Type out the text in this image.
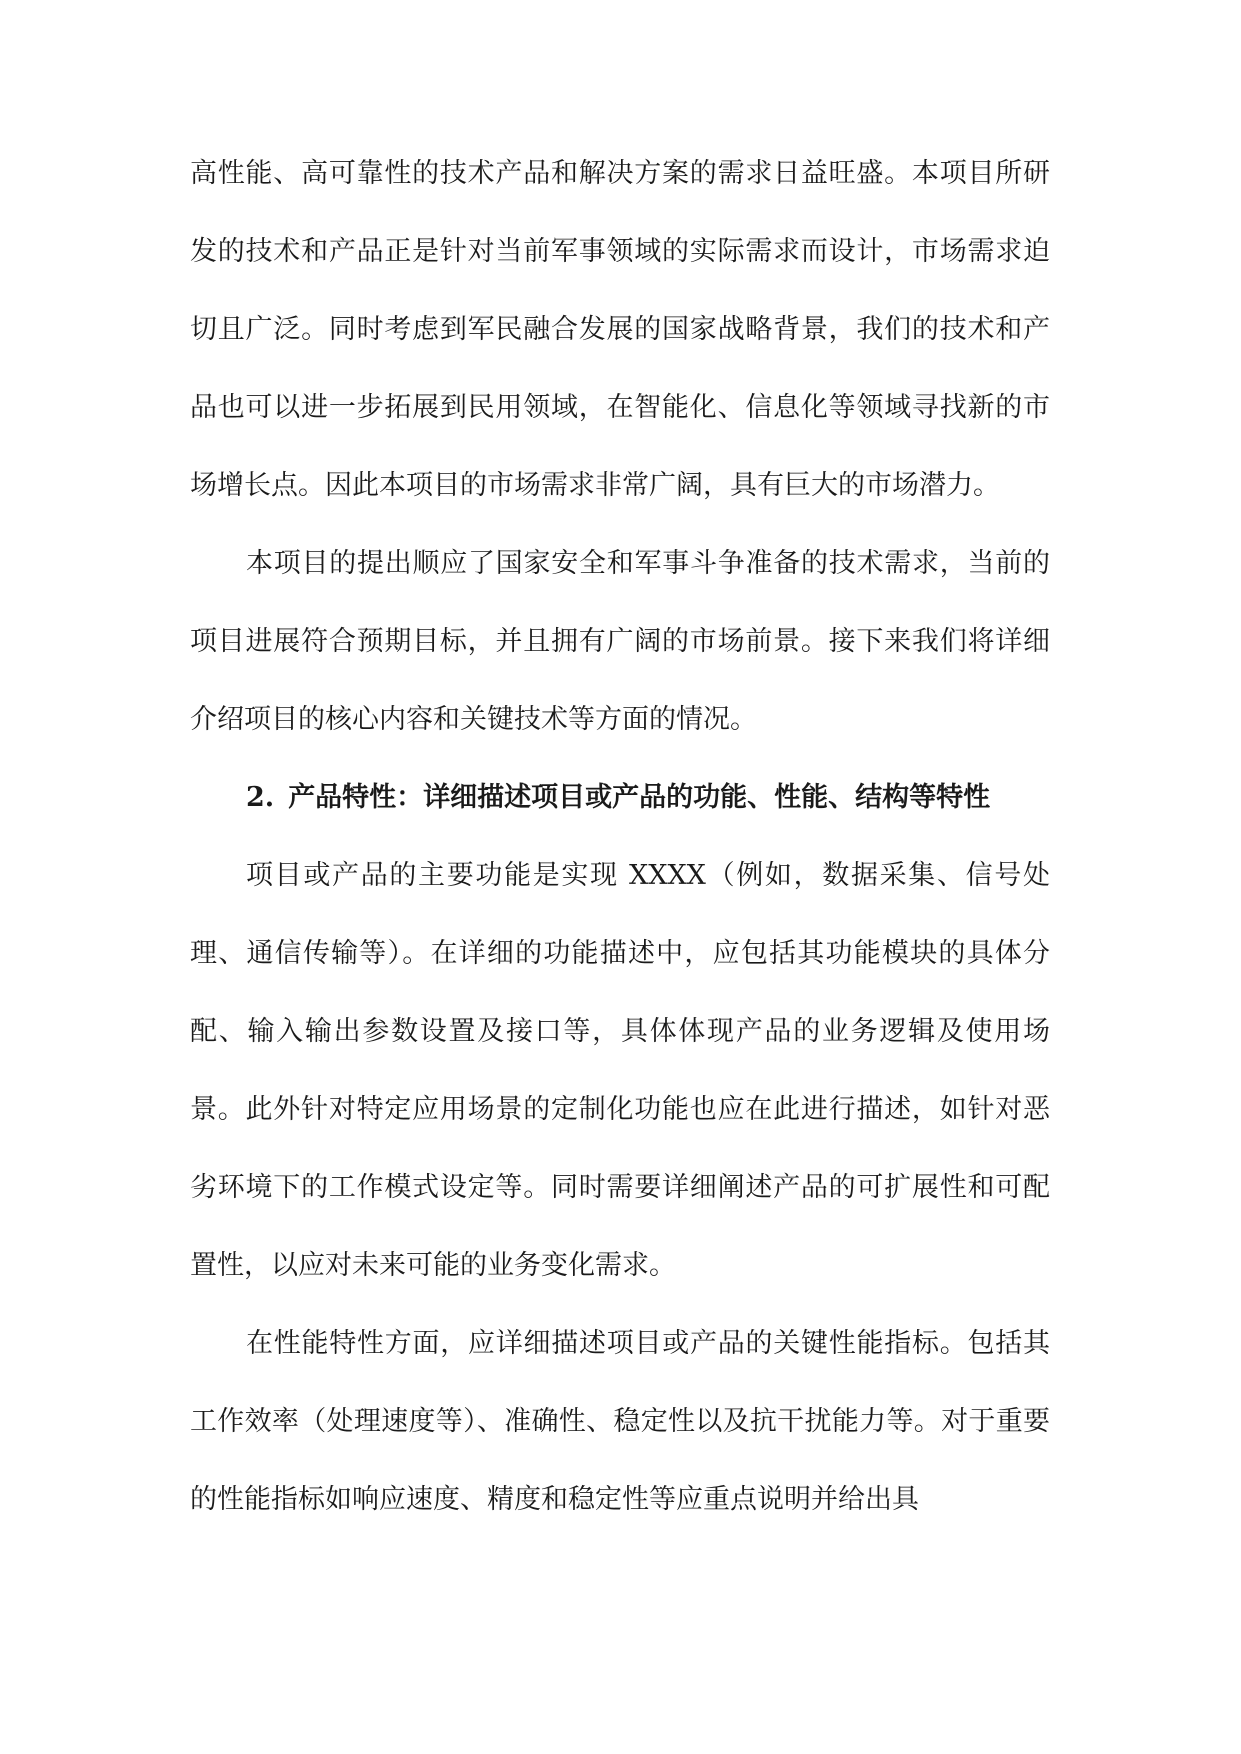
高性能、高可靠性的技术产品和解决方案的需求日益旺盛。本项目所研发的技术和产品正是针对当前军事领域的实际需求而设计，市场需求迫切且广泛。同时考虑到军民融合发展的国家战略背景，我们的技术和产品也可以进一步拓展到民用领域，在智能化、信息化等领域寻找新的市场增长点。因此本项目的市场需求非常广阔，具有巨大的市场潜力。

本项目的提出顺应了国家安全和军事斗争准备的技术需求，当前的项目进展符合预期目标，并且拥有广阔的市场前景。接下来我们将详细介绍项目的核心内容和关键技术等方面的情况。

2. 产品特性：详细描述项目或产品的功能、性能、结构等特性

项目或产品的主要功能是实现 XXXX（例如，数据采集、信号处理、通信传输等）。在详细的功能描述中，应包括其功能模块的具体分配、输入输出参数设置及接口等，具体体现产品的业务逻辑及使用场景。此外针对特定应用场景的定制化功能也应在此进行描述，如针对恶劣环境下的工作模式设定等。同时需要详细阐述产品的可扩展性和可配置性，以应对未来可能的业务变化需求。

在性能特性方面，应详细描述项目或产品的关键性能指标。包括其工作效率（处理速度等）、准确性、稳定性以及抗干扰能力等。对于重要的性能指标如响应速度、精度和稳定性等应重点说明并给出具
